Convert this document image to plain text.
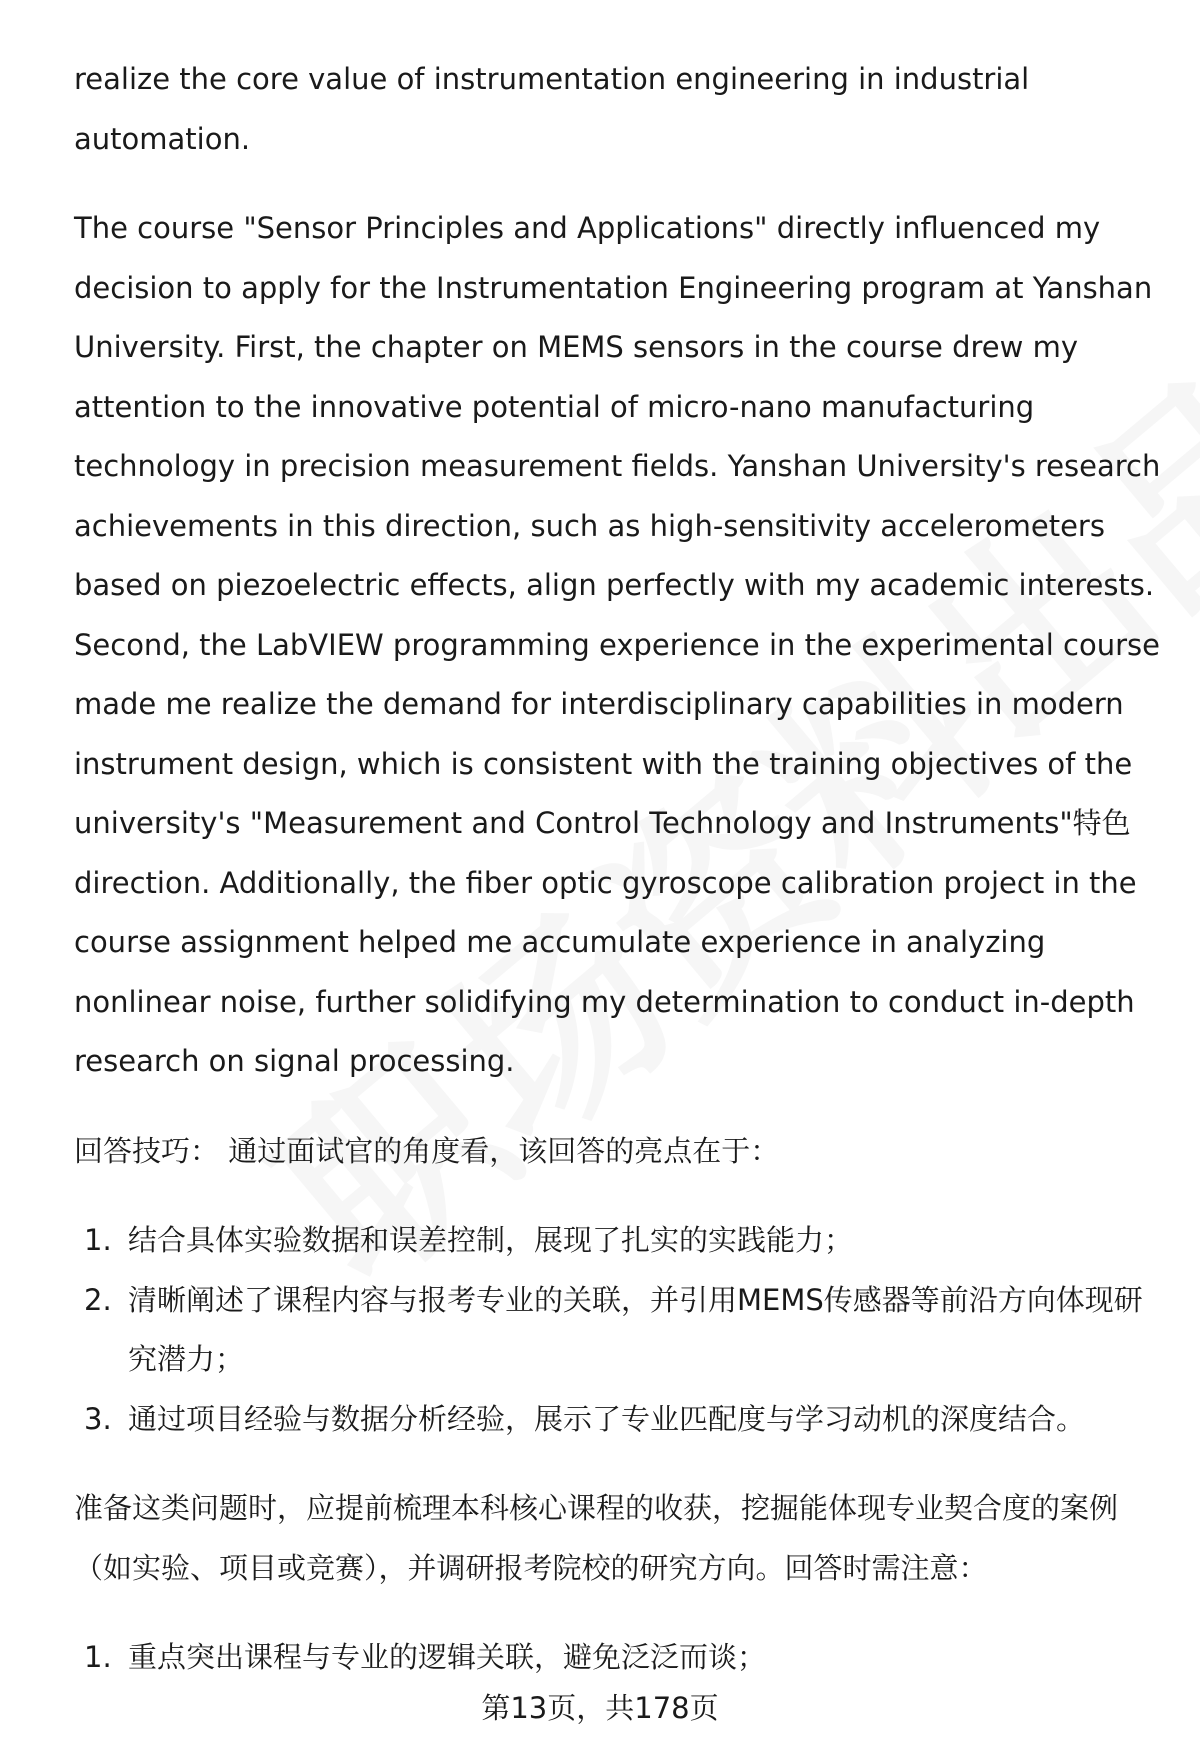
realize the core value of instrumentation engineering in industrial automation.

The course "Sensor Principles and Applications" directly influenced my decision to apply for the Instrumentation Engineering program at Yanshan University. First, the chapter on MEMS sensors in the course drew my attention to the innovative potential of micro-nano manufacturing technology in precision measurement fields. Yanshan University's research achievements in this direction, such as high-sensitivity accelerometers based on piezoelectric effects, align perfectly with my academic interests. Second, the LabVIEW programming experience in the experimental course made me realize the demand for interdisciplinary capabilities in modern instrument design, which is consistent with the training objectives of the university's "Measurement and Control Technology and Instruments"特色 direction. Additionally, the fiber optic gyroscope calibration project in the course assignment helped me accumulate experience in analyzing nonlinear noise, further solidifying my determination to conduct in-depth research on signal processing.

回答技巧： 通过面试官的角度看，该回答的亮点在于：

1. 结合具体实验数据和误差控制，展现了扎实的实践能力；
2. 清晰阐述了课程内容与报考专业的关联，并引用MEMS传感器等前沿方向体现研究潜力；
3. 通过项目经验与数据分析经验，展示了专业匹配度与学习动机的深度结合。

准备这类问题时，应提前梳理本科核心课程的收获，挖掘能体现专业契合度的案例（如实验、项目或竞赛），并调研报考院校的研究方向。回答时需注意：

1. 重点突出课程与专业的逻辑关联，避免泛泛而谈；
第13页，共178页
